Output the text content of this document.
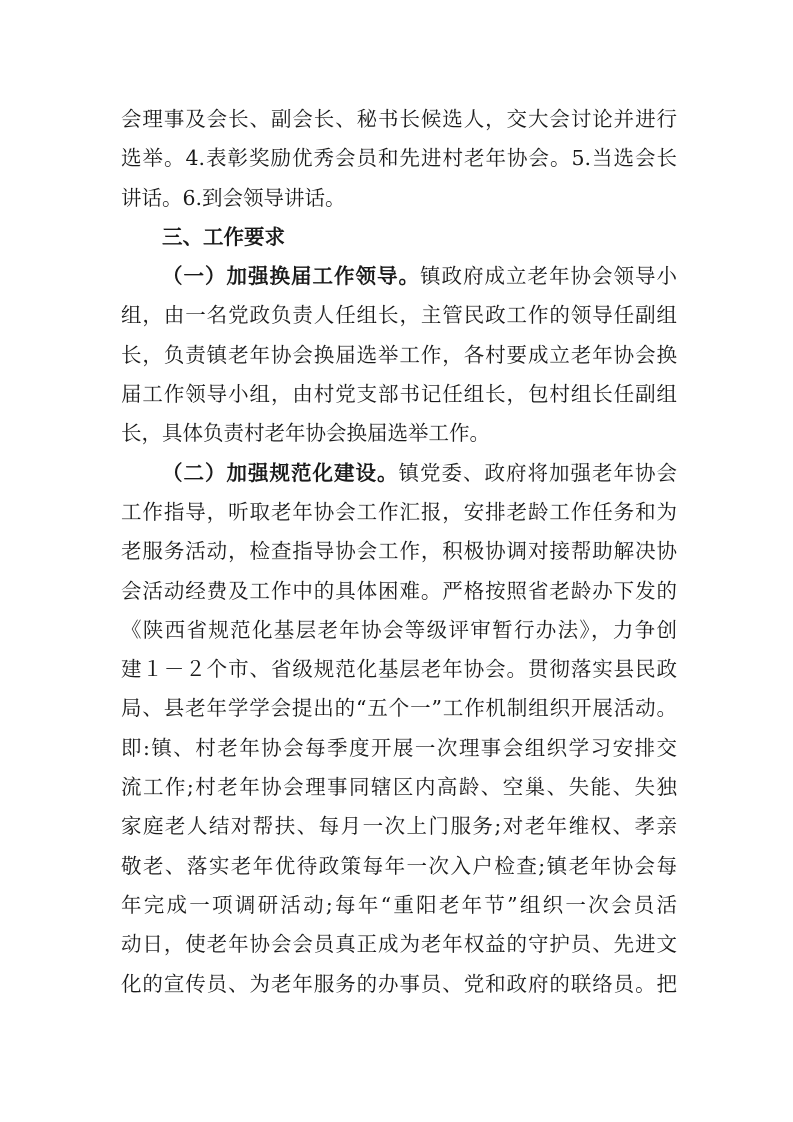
会理事及会长、副会长、秘书长候选人，交大会讨论并进行
选举。4.表彰奖励优秀会员和先进村老年协会。5.当选会长
讲话。6.到会领导讲话。
三、工作要求
（一）加强换届工作领导。镇政府成立老年协会领导小
组，由一名党政负责人任组长，主管民政工作的领导任副组
长，负责镇老年协会换届选举工作，各村要成立老年协会换
届工作领导小组，由村党支部书记任组长，包村组长任副组
长，具体负责村老年协会换届选举工作。
（二）加强规范化建设。镇党委、政府将加强老年协会
工作指导，听取老年协会工作汇报，安排老龄工作任务和为
老服务活动，检查指导协会工作，积极协调对接帮助解决协
会活动经费及工作中的具体困难。严格按照省老龄办下发的
《陕西省规范化基层老年协会等级评审暂行办法》，力争创
建１－２个市、省级规范化基层老年协会。贯彻落实县民政
局、县老年学学会提出的“五个一”工作机制组织开展活动。
即:镇、村老年协会每季度开展一次理事会组织学习安排交
流工作;村老年协会理事同辖区内高龄、空巢、失能、失独
家庭老人结对帮扶、每月一次上门服务;对老年维权、孝亲
敬老、落实老年优待政策每年一次入户检查;镇老年协会每
年完成一项调研活动;每年“重阳老年节”组织一次会员活
动日，使老年协会会员真正成为老年权益的守护员、先进文
化的宣传员、为老年服务的办事员、党和政府的联络员。把
